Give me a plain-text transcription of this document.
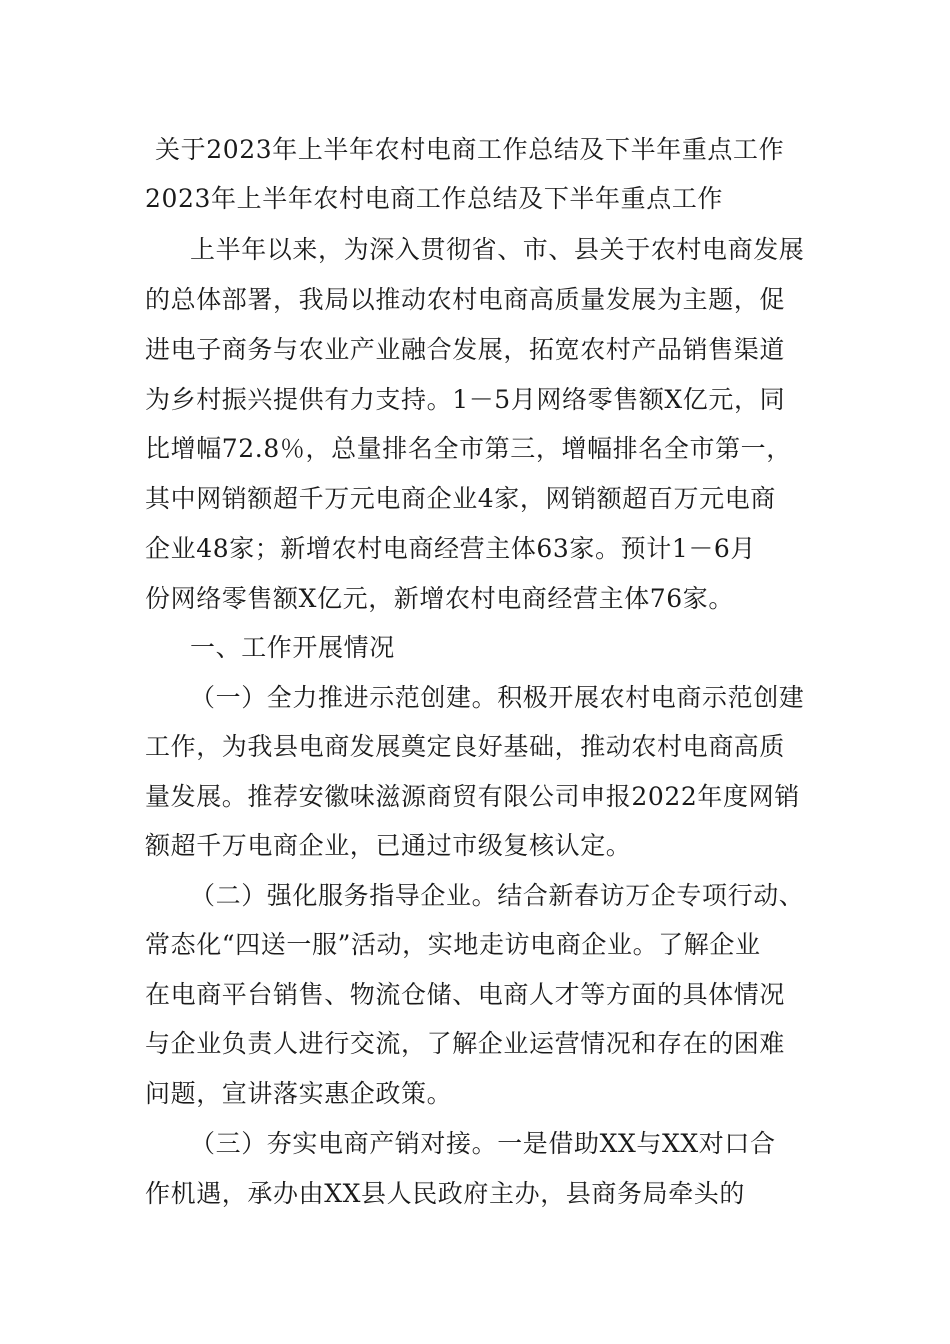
关于2023年上半年农村电商工作总结及下半年重点工作
2023年上半年农村电商工作总结及下半年重点工作
上半年以来，为深入贯彻省、市、县关于农村电商发展
的总体部署，我局以推动农村电商高质量发展为主题，促
进电子商务与农业产业融合发展，拓宽农村产品销售渠道
为乡村振兴提供有力支持。1－5月网络零售额X亿元，同
比增幅72.8％，总量排名全市第三，增幅排名全市第一，
其中网销额超千万元电商企业4家，网销额超百万元电商
企业48家；新增农村电商经营主体63家。预计1－6月
份网络零售额X亿元，新增农村电商经营主体76家。
一、工作开展情况
（一）全力推进示范创建。积极开展农村电商示范创建
工作，为我县电商发展奠定良好基础，推动农村电商高质
量发展。推荐安徽味滋源商贸有限公司申报2022年度网销
额超千万电商企业，已通过市级复核认定。
（二）强化服务指导企业。结合新春访万企专项行动、
常态化“四送一服”活动，实地走访电商企业。了解企业
在电商平台销售、物流仓储、电商人才等方面的具体情况
与企业负责人进行交流，了解企业运营情况和存在的困难
问题，宣讲落实惠企政策。
（三）夯实电商产销对接。一是借助XX与XX对口合
作机遇，承办由XX县人民政府主办，县商务局牵头的
